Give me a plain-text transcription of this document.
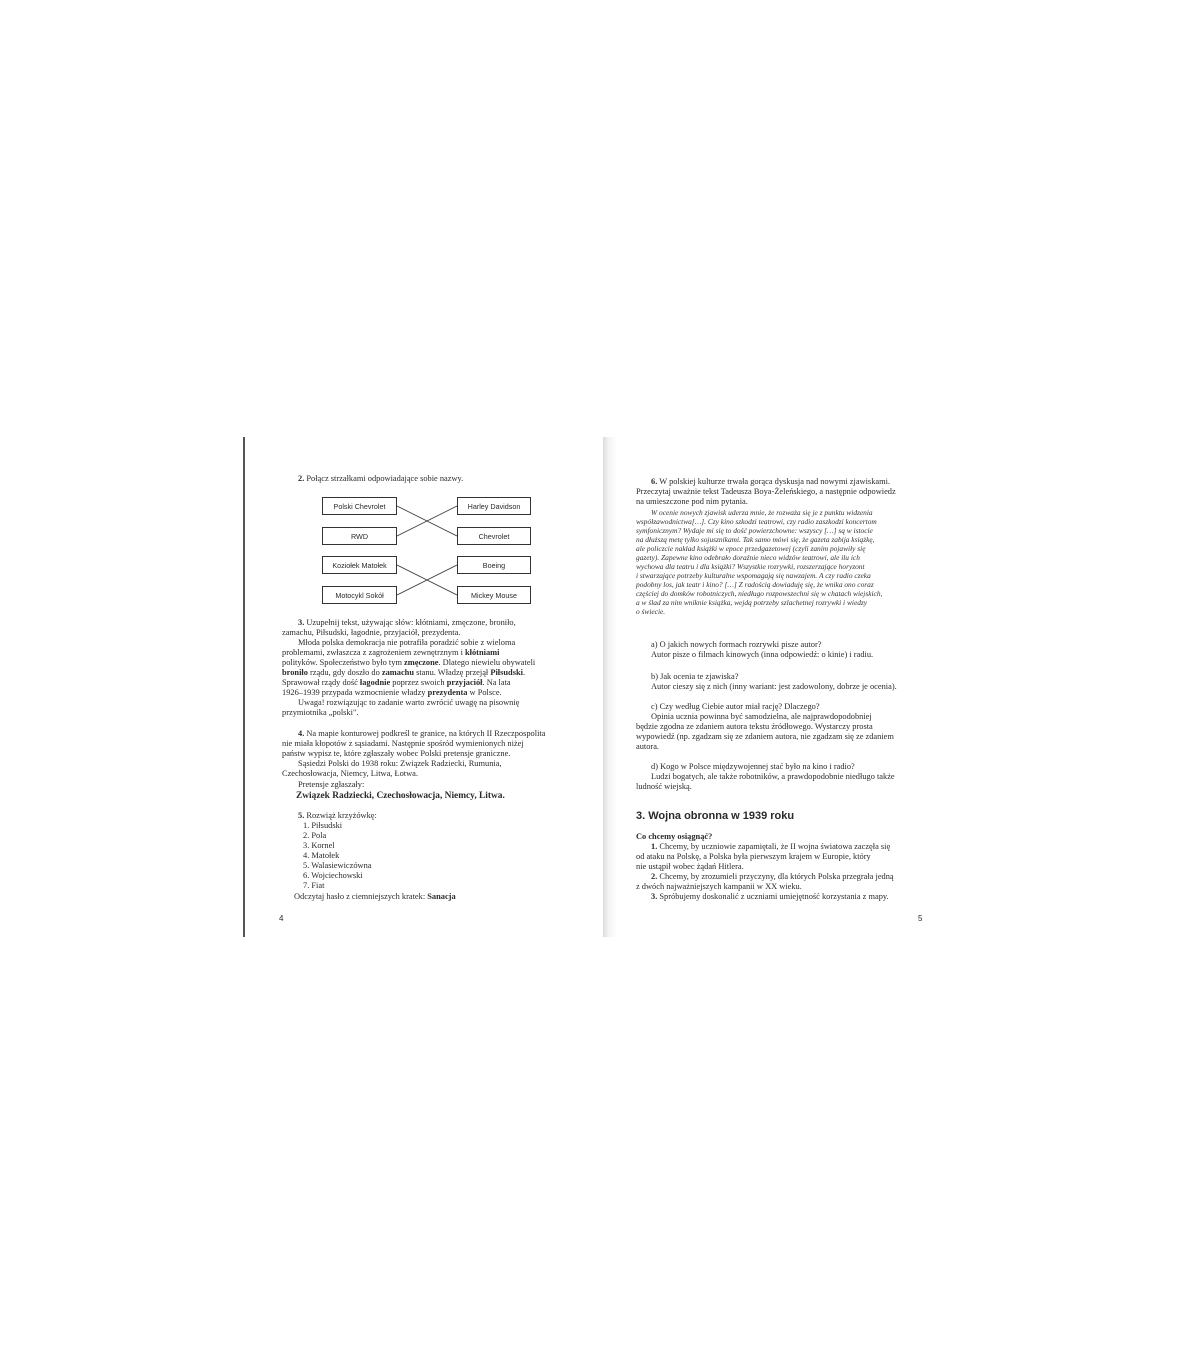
2. Połącz strzałkami odpowiadające sobie nazwy.
Polski Chevrolet
RWD
Koziołek Matołek
Motocykl Sokół
Harley Davidson
Chevrolet
Boeing
Mickey Mouse
3. Uzupełnij tekst, używając słów: kłótniami, zmęczone, broniło,
zamachu, Piłsudski, łagodnie, przyjaciół, prezydenta.
Młoda polska demokracja nie potrafiła poradzić sobie z wieloma
problemami, zwłaszcza z zagrożeniem zewnętrznym i kłótniami
polityków. Społeczeństwo było tym zmęczone. Dlatego niewielu obywateli
broniło rządu, gdy doszło do zamachu stanu. Władzę przejął Piłsudski.
Sprawował rządy dość łagodnie poprzez swoich przyjaciół. Na lata
1926–1939 przypada wzmocnienie władzy prezydenta w Polsce.
Uwaga! rozwiązując to zadanie warto zwrócić uwagę na pisownię
przymiotnika „polski".
4. Na mapie konturowej podkreśl te granice, na których II Rzeczpospolita
nie miała kłopotów z sąsiadami. Następnie spośród wymienionych niżej
państw wypisz te, które zgłaszały wobec Polski pretensje graniczne.
Sąsiedzi Polski do 1938 roku: Związek Radziecki, Rumunia,
Czechosłowacja, Niemcy, Litwa, Łotwa.
Pretensje zgłaszały:
Związek Radziecki, Czechosłowacja, Niemcy, Litwa.
5. Rozwiąż krzyżówkę:
1. Piłsudski
2. Pola
3. Kornel
4. Matołek
5. Walasiewiczówna
6. Wojciechowski
7. Fiat
Odczytaj hasło z ciemniejszych kratek: Sanacja
4
6. W polskiej kulturze trwała gorąca dyskusja nad nowymi zjawiskami.
Przeczytaj uważnie tekst Tadeusza Boya-Żeleńskiego, a następnie odpowiedz
na umieszczone pod nim pytania.
W ocenie nowych zjawisk uderza mnie, że rozważa się je z punktu widzenia
współzawodnictwa[…]. Czy kino szkodzi teatrowi, czy radio zaszkodzi koncertom
symfonicznym? Wydaje mi się to dość powierzchowne: wszyscy […] są w istocie
na dłuższą metę tylko sojusznikami. Tak samo mówi się, że gazeta zabija książkę,
ale policzcie nakład książki w epoce przedgazetowej (czyli zanim pojawiły się
gazety). Zapewne kino odebrało doraźnie nieco widzów teatrowi, ale ilu ich
wychowa dla teatru i dla książki? Wszystkie rozrywki, rozszerzające horyzont
i stwarzające potrzeby kulturalne wspomagają się nawzajem. A czy radio czeka
podobny los, jak teatr i kino? […] Z radością dowiaduję się, że wnika ono coraz
częściej do domków robotniczych, niedługo rozpowszechni się w chatach wiejskich,
a w ślad za nim wniknie książka, wejdą potrzeby szlachetnej rozrywki i wiedzy
o świecie.
a) O jakich nowych formach rozrywki pisze autor?
Autor pisze o filmach kinowych (inna odpowiedź: o kinie) i radiu.
b) Jak ocenia te zjawiska?
Autor cieszy się z nich (inny wariant: jest zadowolony, dobrze je ocenia).
c) Czy według Ciebie autor miał rację? Dlaczego?
Opinia ucznia powinna być samodzielna, ale najprawdopodobniej
będzie zgodna ze zdaniem autora tekstu źródłowego. Wystarczy prosta
wypowiedź (np. zgadzam się ze zdaniem autora, nie zgadzam się ze zdaniem
autora.
d) Kogo w Polsce międzywojennej stać było na kino i radio?
Ludzi bogatych, ale także robotników, a prawdopodobnie niedługo także
ludność wiejską.
3. Wojna obronna w 1939 roku
Co chcemy osiągnąć?
1. Chcemy, by uczniowie zapamiętali, że II wojna światowa zaczęła się
od ataku na Polskę, a Polska była pierwszym krajem w Europie, który
nie ustąpił wobec żądań Hitlera.
2. Chcemy, by zrozumieli przyczyny, dla których Polska przegrała jedną
z dwóch najważniejszych kampanii w XX wieku.
3. Spróbujemy doskonalić z uczniami umiejętność korzystania z mapy.
5
